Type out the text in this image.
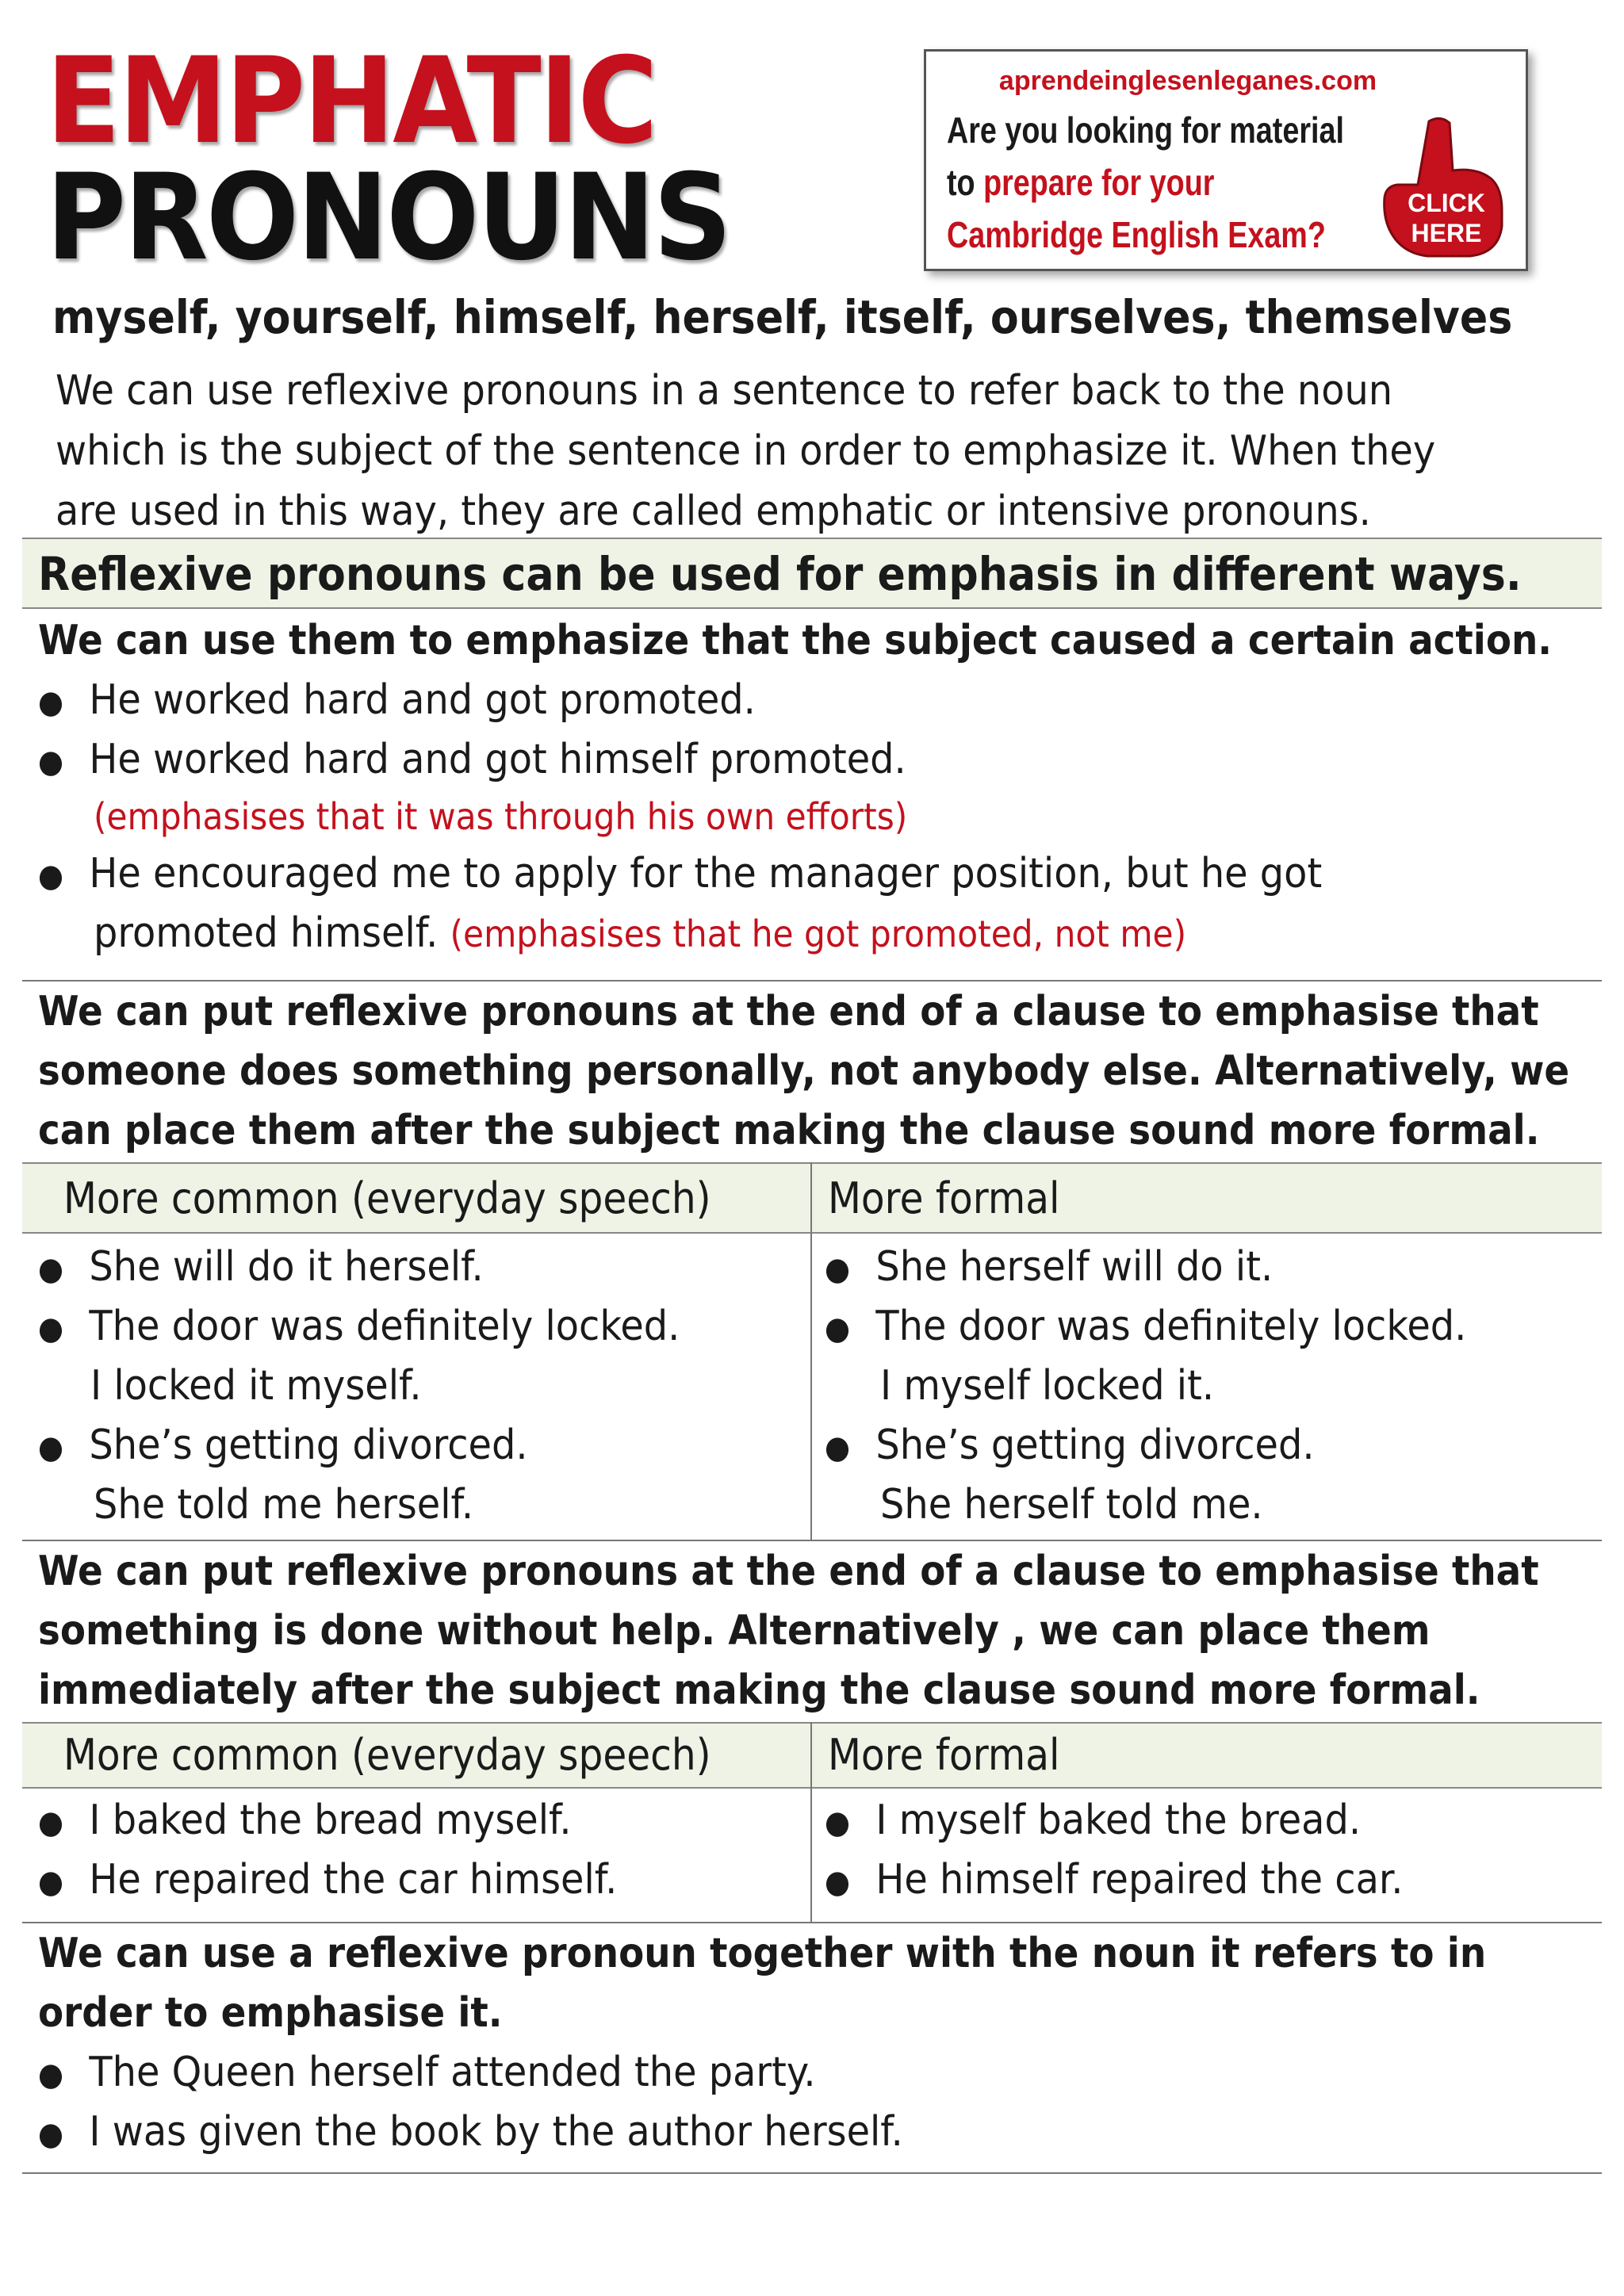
EMPHATIC
PRONOUNS
aprendeinglesenleganes.com
Are you looking for material
to prepare for your
Cambridge English Exam?
CLICK
HERE
myself, yourself, himself, herself, itself, ourselves, themselves
We can use reflexive pronouns in a sentence to refer back to the noun
which is the subject of the sentence in order to emphasize it. When they
are used in this way, they are called emphatic or intensive pronouns.
Reflexive pronouns can be used for emphasis in different ways.
We can use them to emphasize that the subject caused a certain action.
● He worked hard and got promoted.
● He worked hard and got himself promoted.
(emphasises that it was through his own efforts)
● He encouraged me to apply for the manager position, but he got
promoted himself. (emphasises that he got promoted, not me)
We can put reflexive pronouns at the end of a clause to emphasise that
someone does something personally, not anybody else. Alternatively, we
can place them after the subject making the clause sound more formal.
More common (everyday speech)	More formal
● She will do it herself.
● The door was definitely locked.
I locked it myself.
● She’s getting divorced.
She told me herself.
● She herself will do it.
● The door was definitely locked.
I myself locked it.
● She’s getting divorced.
She herself told me.
We can put reflexive pronouns at the end of a clause to emphasise that
something is done without help. Alternatively , we can place them
immediately after the subject making the clause sound more formal.
More common (everyday speech)	More formal
● I baked the bread myself.
● He repaired the car himself.
● I myself baked the bread.
● He himself repaired the car.
We can use a reflexive pronoun together with the noun it refers to in
order to emphasise it.
● The Queen herself attended the party.
● I was given the book by the author herself.
